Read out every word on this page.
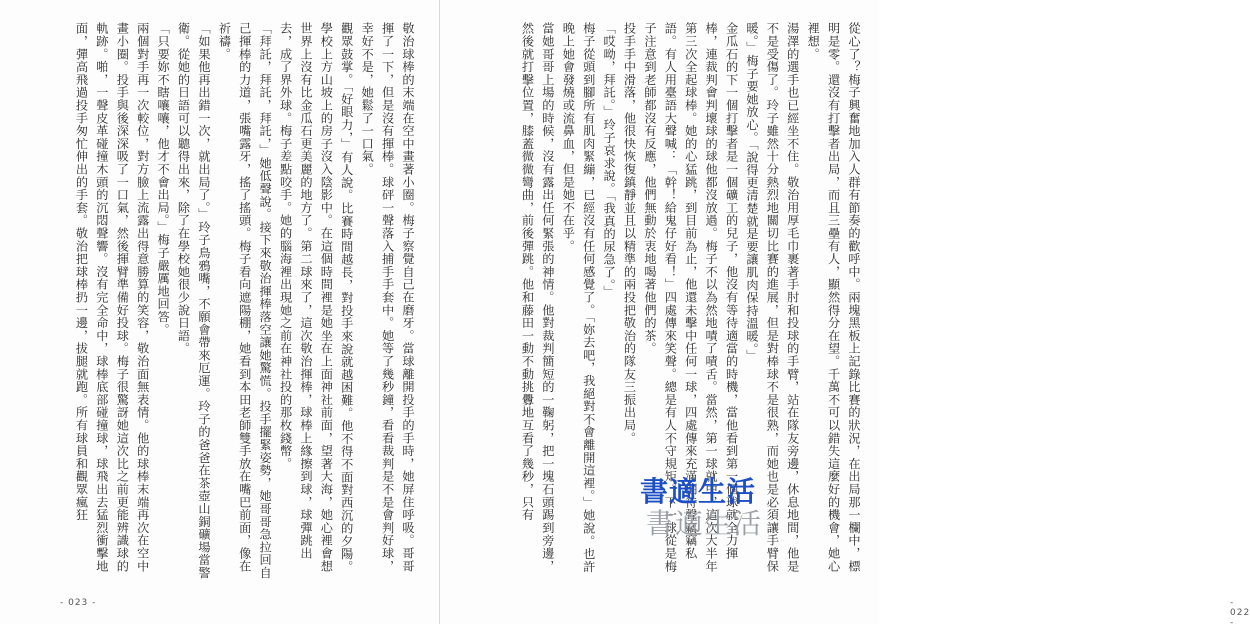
敬治球棒的末端在空中畫著小圈。梅子察覺自己在磨牙。當球離開投手的手時，她屏住呼吸。哥哥揮了一下，但是沒有揮棒。球砰一聲落入捕手手套中。她等了幾秒鐘，看看裁判是不是會判好球，幸好不是，她鬆了一口氣。

觀眾鼓掌。「好眼力，」有人說。比賽時間越長，對投手來說就越困難。他不得不面對西沉的夕陽。學校上方山坡上的房子沒入陰影中。在這個時間裡是她坐在上面神社前面，望著大海，她心裡會想世界上沒有比金瓜石更美麗的地方了。第二球來了，這次敬治揮棒，球棒上緣擦到球，球彈跳出去，成了界外球。梅子差點咬手。她的腦海裡出現她之前在神社投的那枚錢幣。

「拜託，拜託，拜託，」她低聲說。接下來敬治揮棒落空讓她驚慌。投手擺緊姿勢，她哥哥急拉回自己揮棒的力道，張嘴露牙，搖了搖頭。梅子看向遮陽棚，她看到本田老師雙手放在嘴巴前面，像在祈禱。

「如果他再出錯一次，就出局了。」玲子鳥鴉嘴，不願會帶來厄運。玲子的爸爸在茶壺山銅礦場當警衛。從她的日語可以聽得出來，除了在學校她很少說日語。

「只要妳不瞎嚷嚷，他才不會出局。」梅子嚴厲地回答。

兩個對手再一次較位，對方臉上流露出得意勝算的笑容，敬治面無表情。他的球棒末端再次在空中畫小圈。投手與後深深吸了一口氣，然後揮臂準備好投球。梅子很驚訝她這次比之前更能辨識球的軌跡。啪，一聲皮革碰撞木頭的沉悶聲響。沒有完全命中，球棒底部碰撞球，球飛出去猛烈衝擊地面，彈高飛過投手匆忙伸出的手套。敬治把球棒扔一邊，拔腿就跑。所有球員和觀眾瘋狂

- 023 -	- 022 -

從心了？梅子興奮地加入人群有節奏的歡呼中。兩塊黑板上記錄比賽的狀況，在出局那一欄中，標明是零。還沒有打擊者出局，而且三壘有人，顯然得分在望。千萬不可以錯失這麼好的機會，她心裡想。

湯澤的選手也已經坐不住。敬治用厚毛巾裹著手肘和投球的手臂，站在隊友旁邊，休息地間，他是不是受傷了。玲子雖然十分熱烈地關切比賽的進展，但是對棒球不是很熟，而她也是必須讓手臂保暖。」梅子要她放心。「說得更清楚就是要讓肌肉保持溫暖。」

金瓜石的下一個打擊者是一個礦工的兒子，他沒有等待適當的時機，當他看到第一個球就全力揮棒，連裁判會判壞球的球他都沒放過。梅子不以為然地嘖了嘖舌。當然，第一球就中，這次大半年第三次全起球棒。她的心猛跳，到目前為止，他還未擊中任何一球，四處傳來充滿期待聲竊竊私語。有人用臺語大聲喊：「幹！給鬼仔好看！」四處傳來笑聲。總是有人不守規矩。下一球從是梅子注意到老師都沒有反應，他們無動於衷地喝著他們的茶。

投手手中滑落，他很快恢復鎮靜並且以精準的兩投把敬治的隊友三振出局。

「哎呦，拜託。」玲子哀求說。「我真的尿急了。」

梅子從頭到腳所有肌肉緊繃，已經沒有任何感覺了。「妳去吧，我絕對不會離開這裡。」她說。也許晚上她會發燒或流鼻血，但是她不在乎。

當她哥哥上場的時候，沒有露出任何緊張的神情。他對裁判簡短的一鞠躬，把一塊石頭踢到旁邊，然後就打擊位置，膝蓋微微彎曲，前後彈跳。他和藤田一動不動挑釁地互看了幾秒，只有	書適生活
書適生活
